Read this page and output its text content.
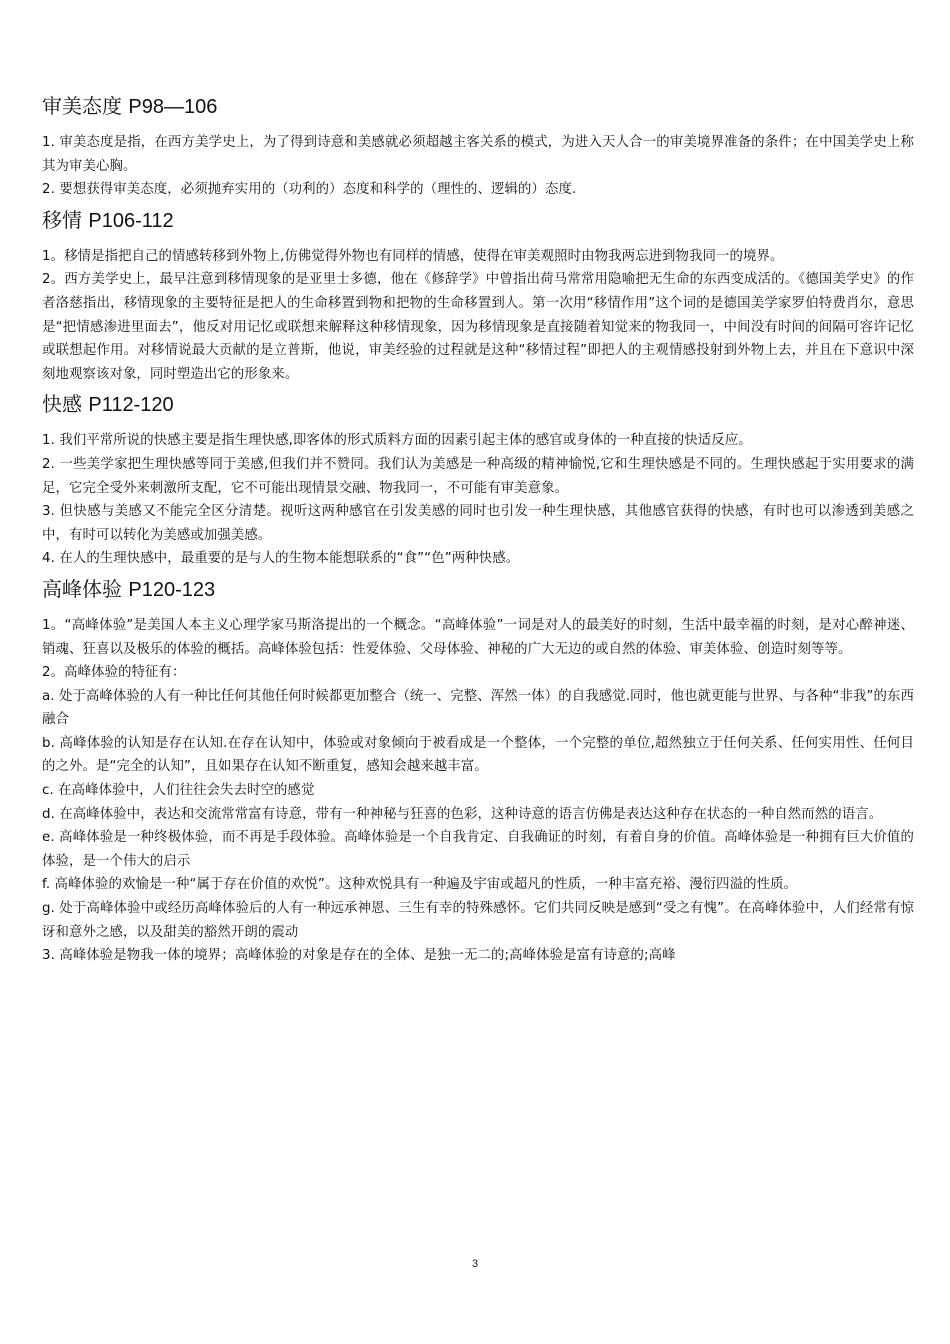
审美态度 P98—106

1. 审美态度是指，在西方美学史上，为了得到诗意和美感就必须超越主客关系的模式，为进入天人合一的审美境界准备的条件；在中国美学史上称其为审美心胸。

2. 要想获得审美态度，必须抛弃实用的（功利的）态度和科学的（理性的、逻辑的）态度.

移情 P106-112

1。移情是指把自己的情感转移到外物上,仿佛觉得外物也有同样的情感，使得在审美观照时由物我两忘进到物我同一的境界。

2。西方美学史上，最早注意到移情现象的是亚里士多德，他在《修辞学》中曾指出荷马常常用隐喻把无生命的东西变成活的。《德国美学史》的作者洛慈指出，移情现象的主要特征是把人的生命移置到物和把物的生命移置到人。第一次用“移情作用”这个词的是德国美学家罗伯特费肖尔，意思是“把情感渗进里面去”，他反对用记忆或联想来解释这种移情现象，因为移情现象是直接随着知觉来的物我同一，中间没有时间的间隔可容许记忆或联想起作用。对移情说最大贡献的是立普斯，他说，审美经验的过程就是这种“移情过程”即把人的主观情感投射到外物上去，并且在下意识中深刻地观察该对象，同时塑造出它的形象来。

快感 P112-120

1. 我们平常所说的快感主要是指生理快感,即客体的形式质料方面的因素引起主体的感官或身体的一种直接的快适反应。

2. 一些美学家把生理快感等同于美感,但我们并不赞同。我们认为美感是一种高级的精神愉悦,它和生理快感是不同的。生理快感起于实用要求的满足，它完全受外来刺激所支配，它不可能出现情景交融、物我同一，不可能有审美意象。

3. 但快感与美感又不能完全区分清楚。视听这两种感官在引发美感的同时也引发一种生理快感，其他感官获得的快感，有时也可以渗透到美感之中，有时可以转化为美感或加强美感。

4. 在人的生理快感中，最重要的是与人的生物本能想联系的“食”“色”两种快感。

高峰体验 P120-123

1。“高峰体验”是美国人本主义心理学家马斯洛提出的一个概念。“高峰体验”一词是对人的最美好的时刻，生活中最幸福的时刻，是对心醉神迷、销魂、狂喜以及极乐的体验的概括。高峰体验包括：性爱体验、父母体验、神秘的广大无边的或自然的体验、审美体验、创造时刻等等。

2。高峰体验的特征有：

a. 处于高峰体验的人有一种比任何其他任何时候都更加整合（统一、完整、浑然一体）的自我感觉.同时，他也就更能与世界、与各种“非我”的东西融合

b. 高峰体验的认知是存在认知.在存在认知中，体验或对象倾向于被看成是一个整体，一个完整的单位,超然独立于任何关系、任何实用性、任何目的之外。是“完全的认知”，且如果存在认知不断重复，感知会越来越丰富。

c. 在高峰体验中，人们往往会失去时空的感觉

d. 在高峰体验中，表达和交流常常富有诗意，带有一种神秘与狂喜的色彩，这种诗意的语言仿佛是表达这种存在状态的一种自然而然的语言。

e. 高峰体验是一种终极体验，而不再是手段体验。高峰体验是一个自我肯定、自我确证的时刻，有着自身的价值。高峰体验是一种拥有巨大价值的体验，是一个伟大的启示

f. 高峰体验的欢愉是一种“属于存在价值的欢悦”。这种欢悦具有一种遍及宇宙或超凡的性质，一种丰富充裕、漫衍四溢的性质。

g. 处于高峰体验中或经历高峰体验后的人有一种远承神恩、三生有幸的特殊感怀。它们共同反映是感到“受之有愧”。在高峰体验中，人们经常有惊讶和意外之感，以及甜美的豁然开朗的震动

3. 高峰体验是物我一体的境界；高峰体验的对象是存在的全体、是独一无二的;高峰体验是富有诗意的;高峰

3
